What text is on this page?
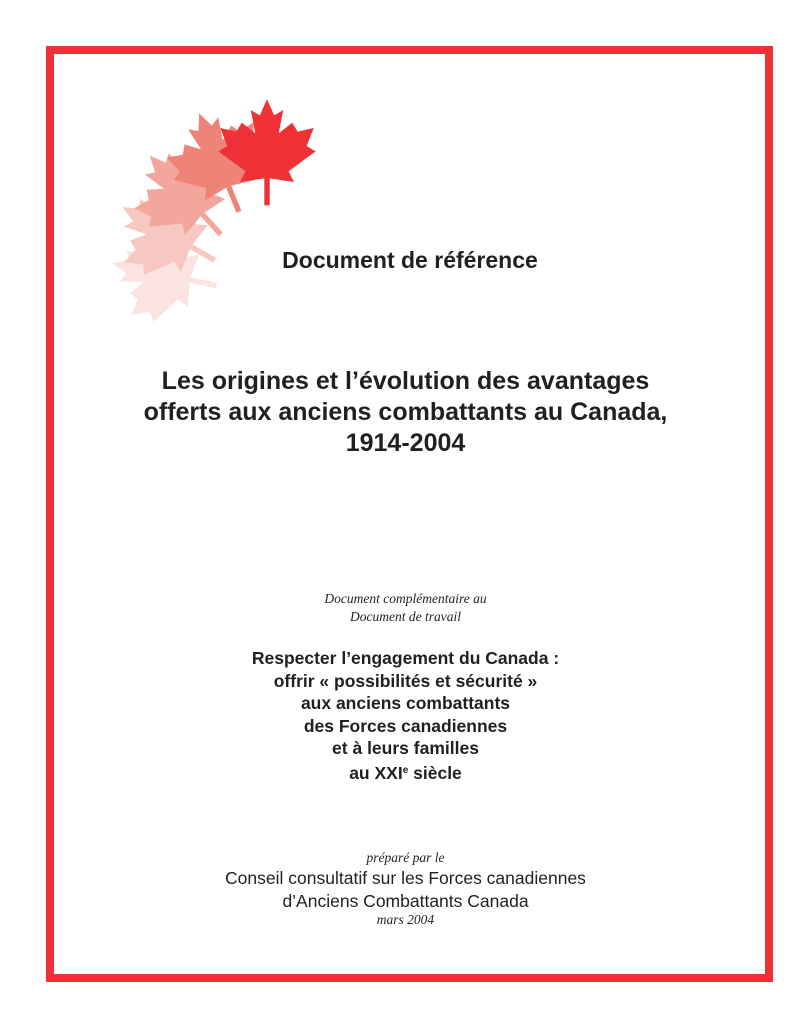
Document de référence
Les origines et l’évolution des avantages
offerts aux anciens combattants au Canada,
1914-2004
Document complémentaire au
Document de travail
Respecter l’engagement du Canada :
offrir « possibilités et sécurité »
aux anciens combattants
des Forces canadiennes
et à leurs familles
au XXIe siècle
préparé par le
Conseil consultatif sur les Forces canadiennes
d’Anciens Combattants Canada
mars 2004
